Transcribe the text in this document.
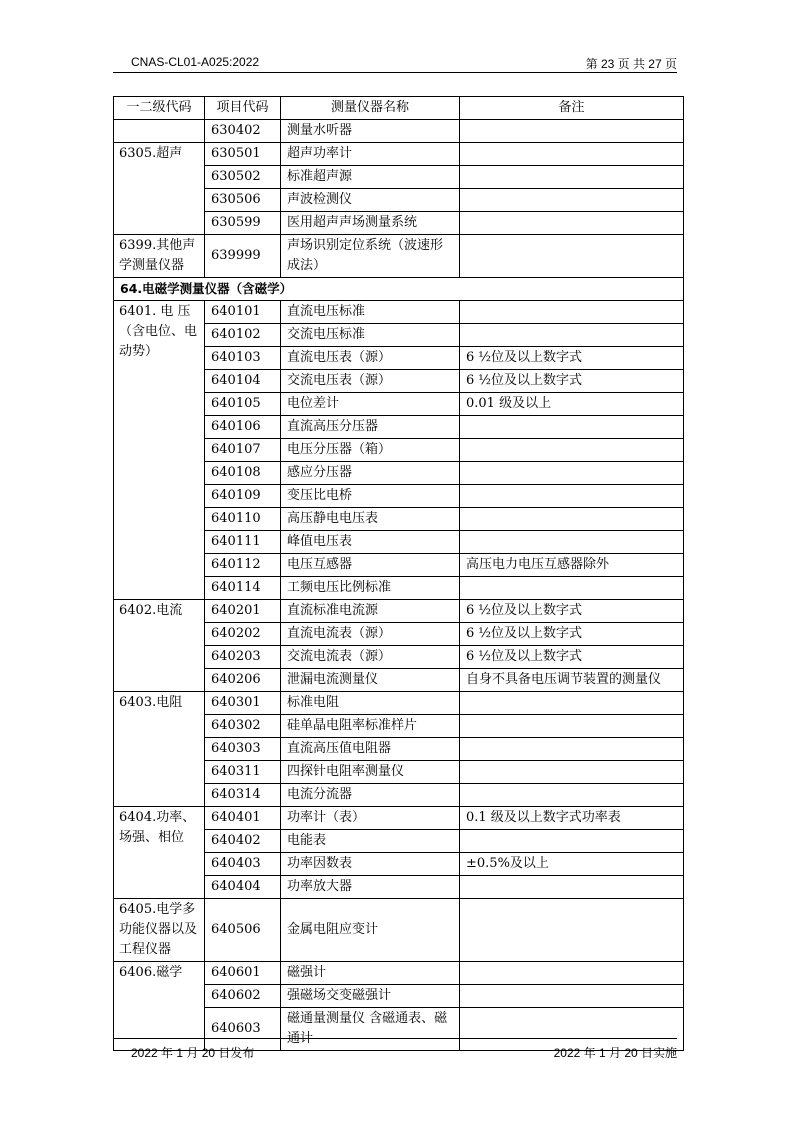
CNAS-CL01-A025:2022	第 23 页 共 27 页
一二级代码	项目代码	测量仪器名称	备注
	630402	测量水听器	
6305.超声	630501	超声功率计	
	630502	标准超声源	
	630506	声波检测仪	
	630599	医用超声声场测量系统	
6399.其他声学测量仪器	639999	声场识别定位系统（波速形成法）	
64.电磁学测量仪器（含磁学）			
6401. 电 压（含电位、电动势）	640101	直流电压标准	
	640102	交流电压标准	
	640103	直流电压表（源）	6 ½位及以上数字式
	640104	交流电压表（源）	6 ½位及以上数字式
	640105	电位差计	0.01 级及以上
	640106	直流高压分压器	
	640107	电压分压器（箱）	
	640108	感应分压器	
	640109	变压比电桥	
	640110	高压静电电压表	
	640111	峰值电压表	
	640112	电压互感器	高压电力电压互感器除外
	640114	工频电压比例标准	
6402.电流	640201	直流标准电流源	6 ½位及以上数字式
	640202	直流电流表（源）	6 ½位及以上数字式
	640203	交流电流表（源）	6 ½位及以上数字式
	640206	泄漏电流测量仪	自身不具备电压调节装置的测量仪
6403.电阻	640301	标准电阻	
	640302	硅单晶电阻率标准样片	
	640303	直流高压值电阻器	
	640311	四探针电阻率测量仪	
	640314	电流分流器	
6404.功率、场强、相位	640401	功率计（表）	0.1 级及以上数字式功率表
	640402	电能表	
	640403	功率因数表	±0.5%及以上
	640404	功率放大器	
6405.电学多功能仪器以及工程仪器	640506	金属电阻应变计	
6406.磁学	640601	磁强计	
	640602	强磁场交变磁强计	
	640603	磁通量测量仪 含磁通表、磁通计	
2022 年 1 月 20 日发布	2022 年 1 月 20 日实施
